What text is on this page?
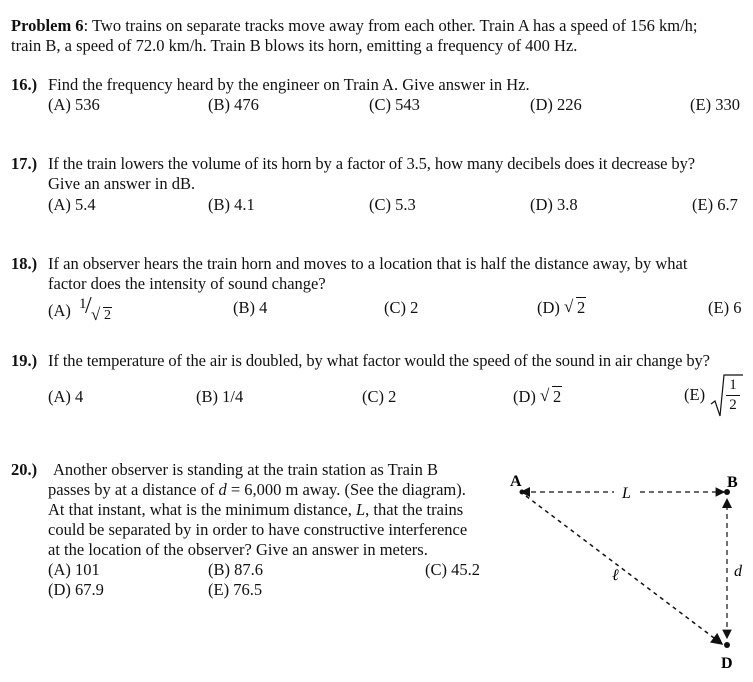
Problem 6: Two trains on separate tracks move away from each other. Train A has a speed of 156 km/h;
train B, a speed of 72.0 km/h. Train B blows its horn, emitting a frequency of 400 Hz.
16.) Find the frequency heard by the engineer on Train A. Give answer in Hz.
(A) 536	(B) 476	(C) 543	(D) 226	(E) 330
17.) If the train lowers the volume of its horn by a factor of 3.5, how many decibels does it decrease by?
Give an answer in dB.
(A) 5.4	(B) 4.1	(C) 5.3	(D) 3.8	(E) 6.7
18.) If an observer hears the train horn and moves to a location that is half the distance away, by what
factor does the intensity of sound change?
(A) 1
/ √ 2	(B) 4	(C) 2	(D) √ 2	(E) 6
19.) If the temperature of the air is doubled, by what factor would the speed of the sound in air change by?
(A) 4	(B) 1/4	(C) 2	(D) √ 2	$(E) \frac{1}{2}$
20.) Another observer is standing at the train station as Train B
passes by at a distance of d = 6,000 m away. (See the diagram).
At that instant, what is the minimum distance, L, that the trains
could be separated by in order to have constructive interference
at the location of the observer? Give an answer in meters.
(A) 101	(B) 87.6	(C) 45.2
(D) 67.9	(E) 76.5
A	B
D
L
d
ℓ
